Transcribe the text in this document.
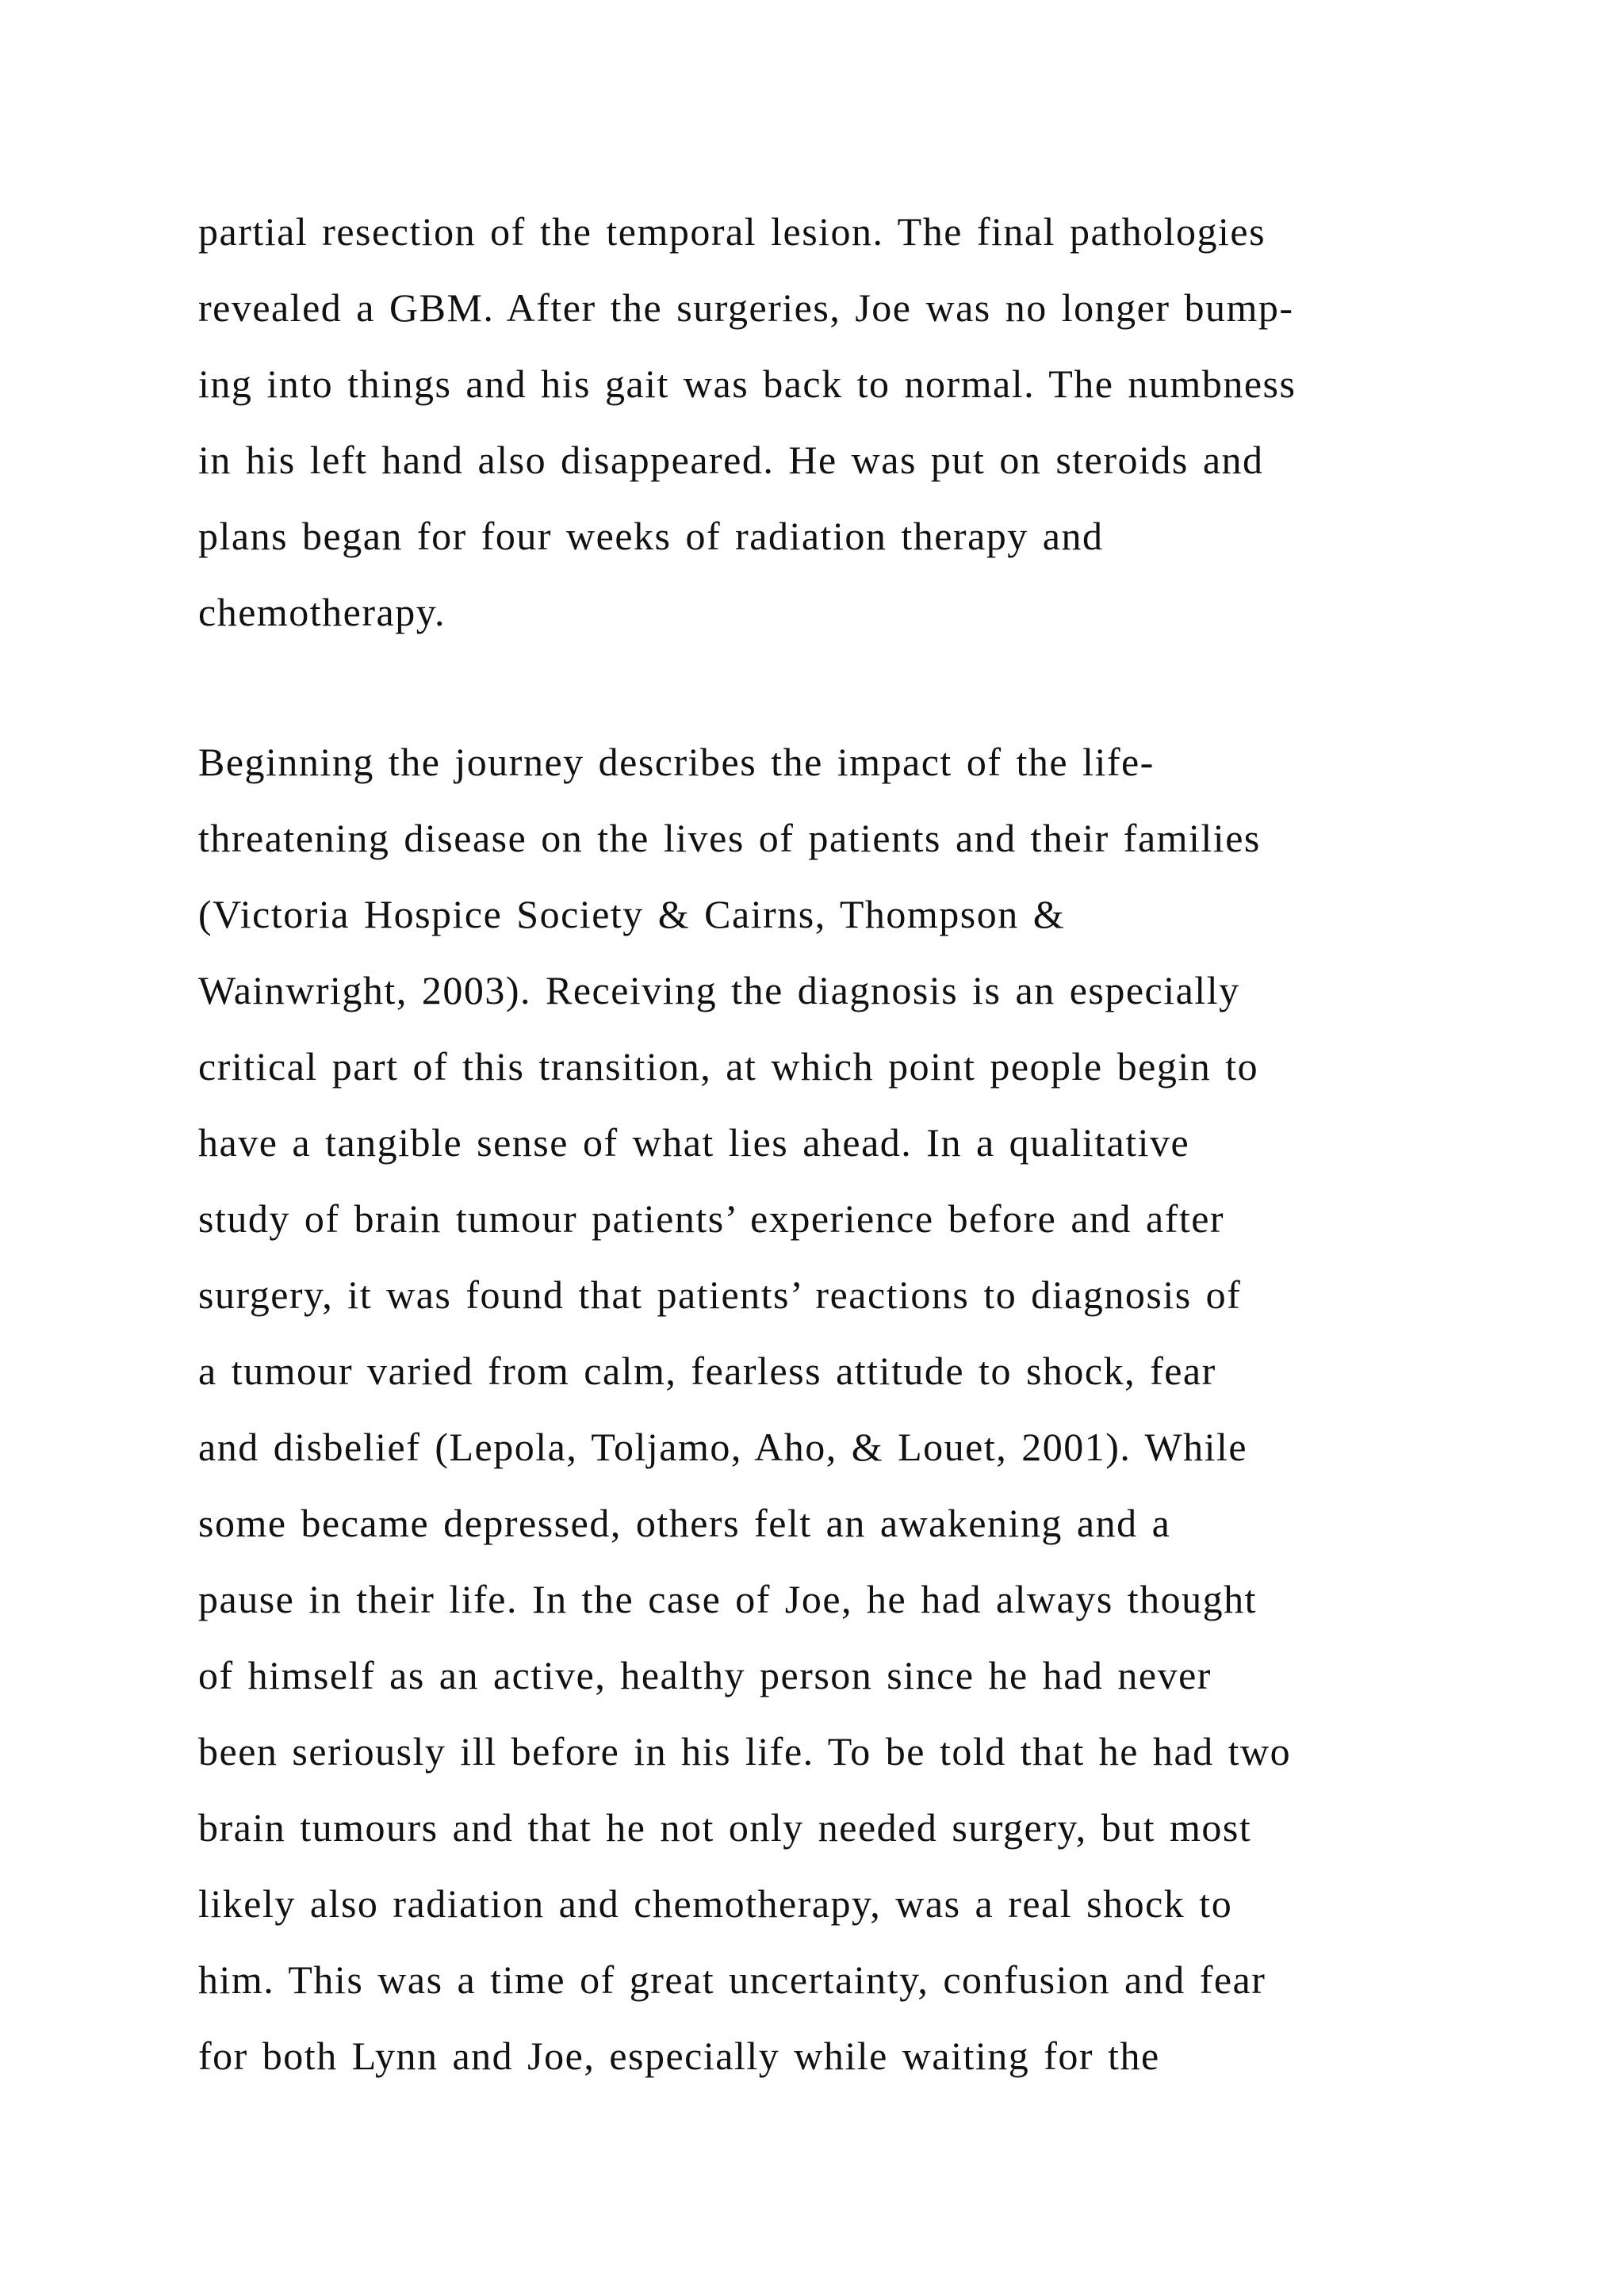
partial resection of the temporal lesion. The final pathologies
revealed a GBM. After the surgeries, Joe was no longer bump-
ing into things and his gait was back to normal. The numbness
in his left hand also disappeared. He was put on steroids and
plans began for four weeks of radiation therapy and
chemotherapy.
Beginning the journey describes the impact of the life-
threatening disease on the lives of patients and their families
(Victoria Hospice Society & Cairns, Thompson &
Wainwright, 2003). Receiving the diagnosis is an especially
critical part of this transition, at which point people begin to
have a tangible sense of what lies ahead. In a qualitative
study of brain tumour patients’ experience before and after
surgery, it was found that patients’ reactions to diagnosis of
a tumour varied from calm, fearless attitude to shock, fear
and disbelief (Lepola, Toljamo, Aho, & Louet, 2001). While
some became depressed, others felt an awakening and a
pause in their life. In the case of Joe, he had always thought
of himself as an active, healthy person since he had never
been seriously ill before in his life. To be told that he had two
brain tumours and that he not only needed surgery, but most
likely also radiation and chemotherapy, was a real shock to
him. This was a time of great uncertainty, confusion and fear
for both Lynn and Joe, especially while waiting for the
